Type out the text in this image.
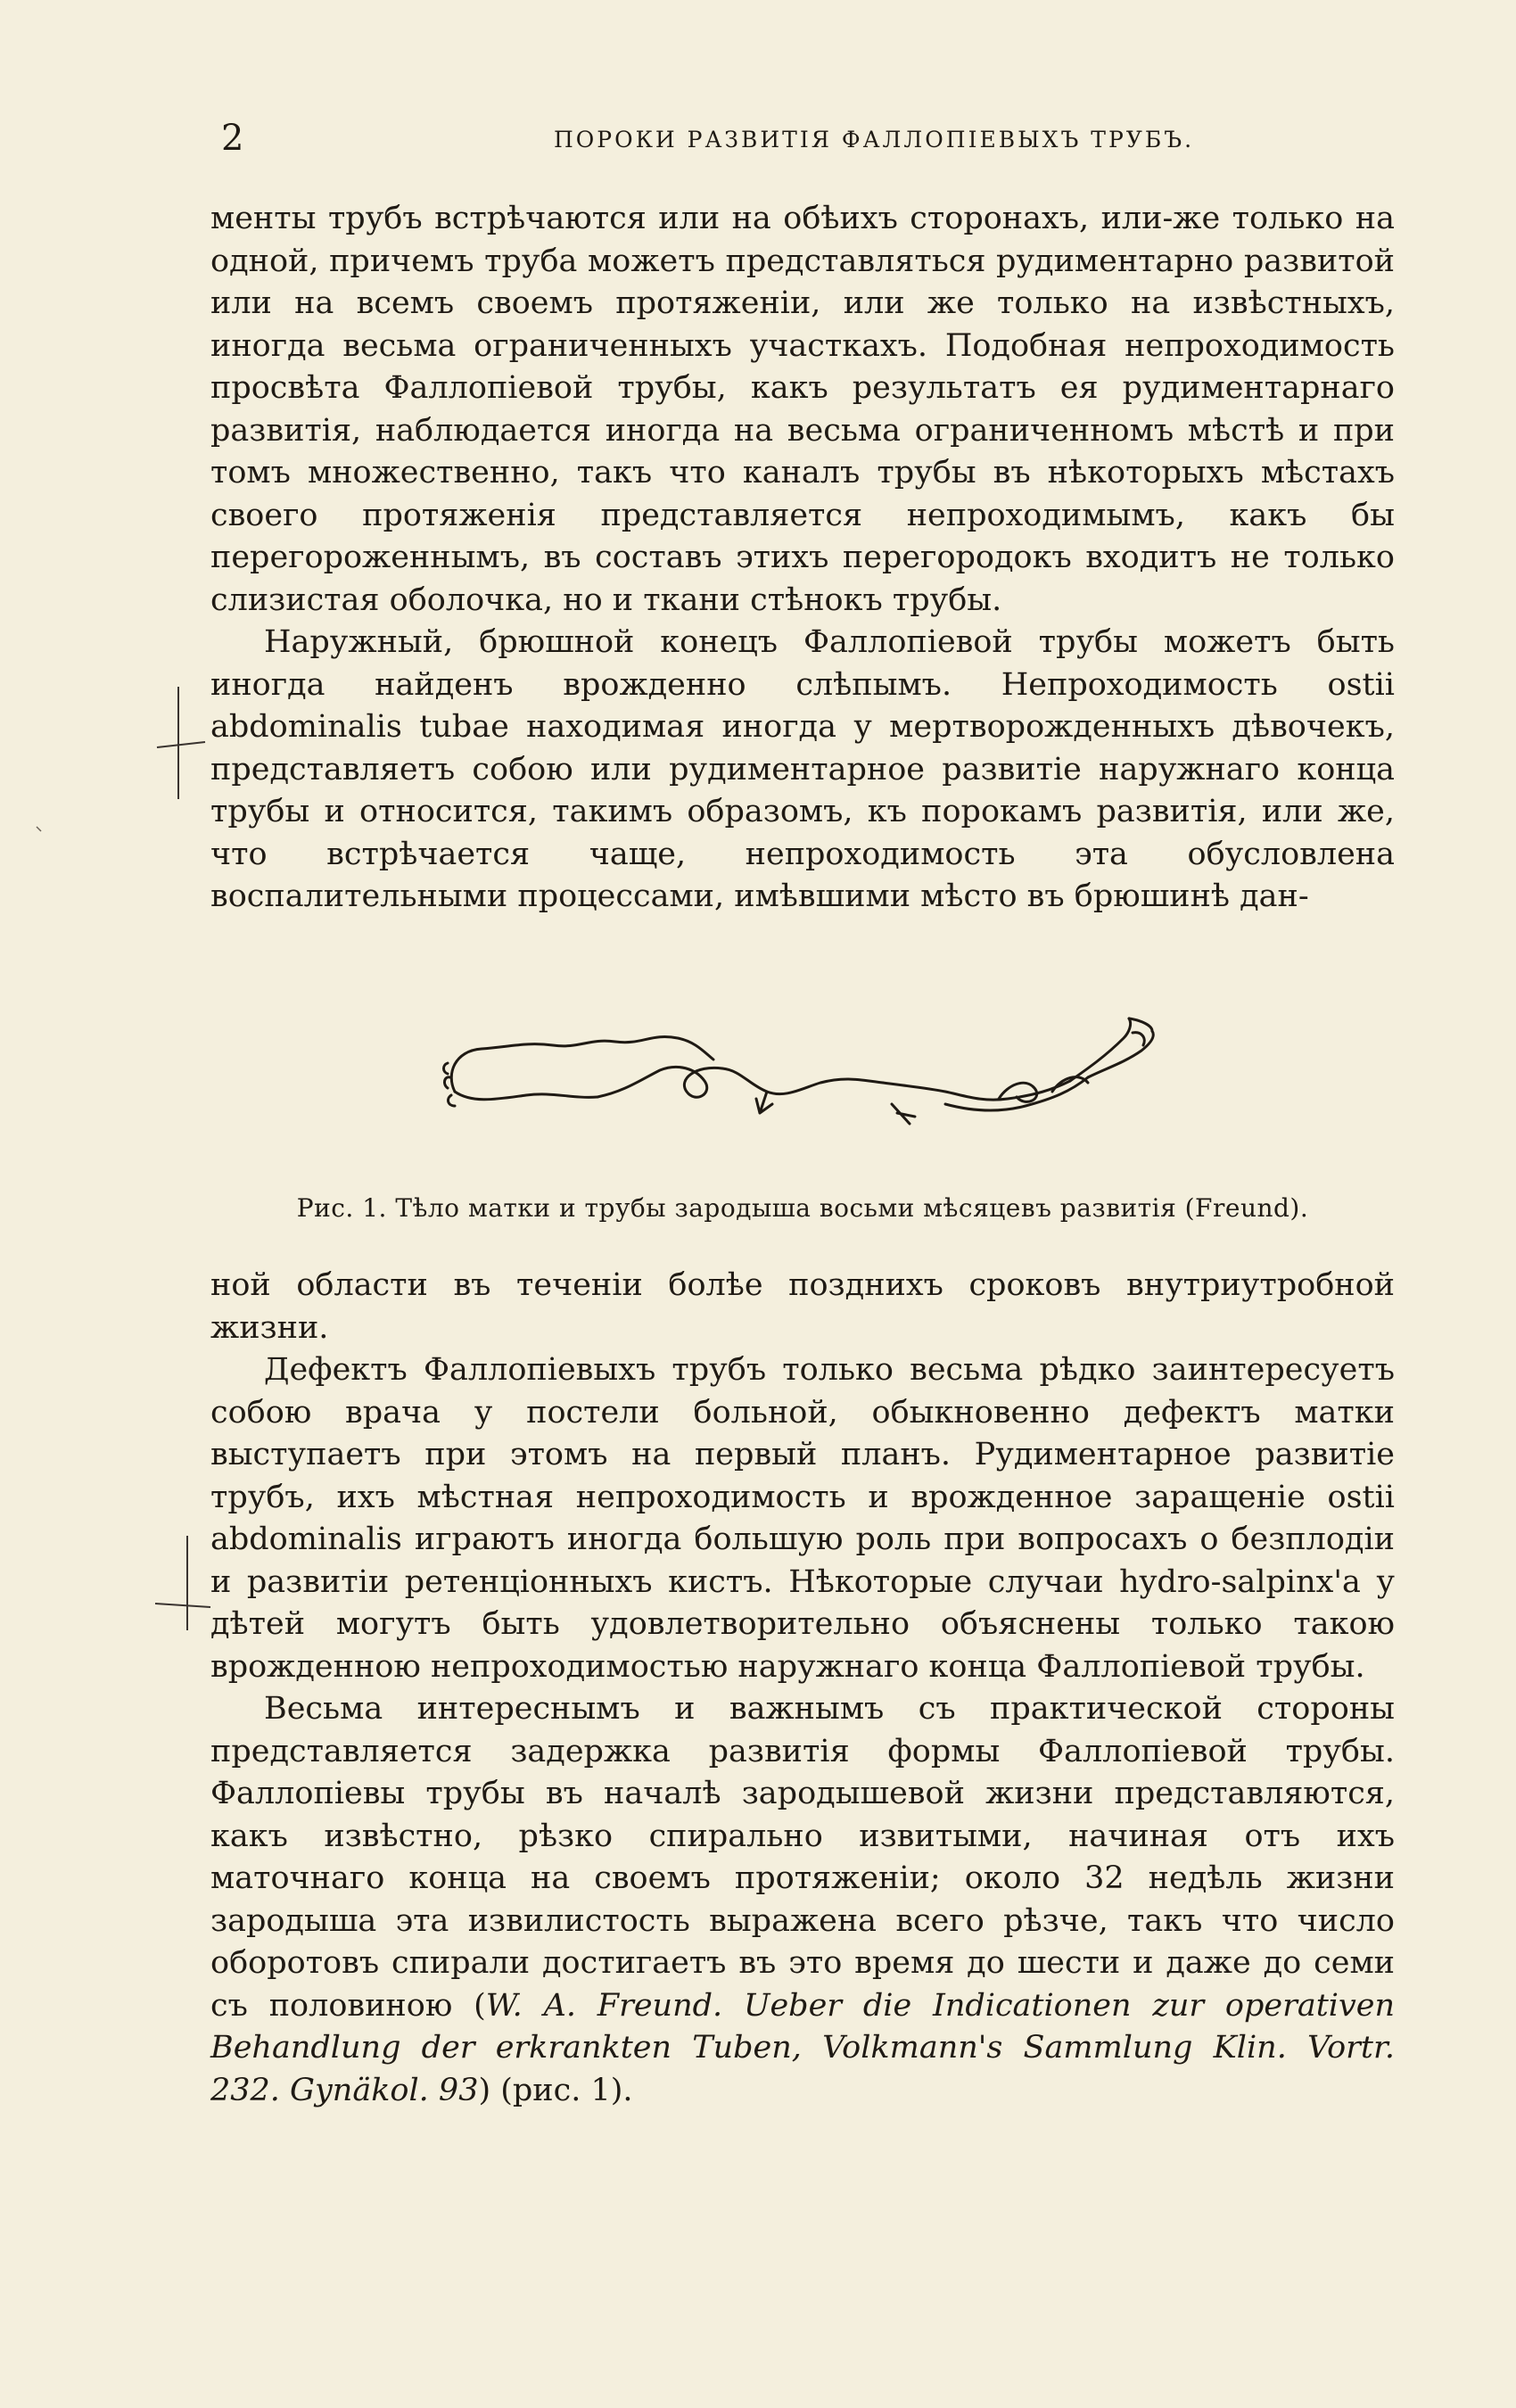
2	ПОРОКИ РАЗВИТІЯ ФАЛЛОПІЕВЫХЪ ТРУБЪ.

менты трубъ встрѣчаются или на обѣихъ сторонахъ, или-же только на одной, причемъ труба можетъ представляться рудиментарно развитой или на всемъ своемъ протяженіи, или же только на извѣстныхъ, иногда весьма ограниченныхъ участкахъ. Подобная непроходимость просвѣта Фаллопіевой трубы, какъ результатъ ея рудиментарнаго развитія, наблюдается иногда на весьма ограниченномъ мѣстѣ и при томъ множественно, такъ что каналъ трубы въ нѣкоторыхъ мѣстахъ своего протяженія представляется непроходимымъ, какъ бы перегороженнымъ, въ составъ этихъ перегородокъ входитъ не только слизистая оболочка, но и ткани стѣнокъ трубы.

Наружный, брюшной конецъ Фаллопіевой трубы можетъ быть иногда найденъ врожденно слѣпымъ. Непроходимость ostii abdominalis tubae находимая иногда у мертворожденныхъ дѣвочекъ, представляетъ собою или рудиментарное развитіе наружнаго конца трубы и относится, такимъ образомъ, къ порокамъ развитія, или же, что встрѣчается чаще, непроходимость эта обусловлена воспалительными процессами, имѣвшими мѣсто въ брюшинѣ дан-

Рис. 1. Тѣло матки и трубы зародыша восьми мѣсяцевъ развитія (Freund).

ной области въ теченіи болѣе позднихъ сроковъ внутриутробной жизни.

Дефектъ Фаллопіевыхъ трубъ только весьма рѣдко заинтересуетъ собою врача у постели больной, обыкновенно дефектъ матки выступаетъ при этомъ на первый планъ. Рудиментарное развитіе трубъ, ихъ мѣстная непроходимость и врожденное заращеніе ostii abdominalis играютъ иногда большую роль при вопросахъ о безплодіи и развитіи ретенціонныхъ кистъ. Нѣкоторые случаи hydro-salpinx'а у дѣтей могутъ быть удовлетворительно объяснены только такою врожденною непроходимостью наружнаго конца Фаллопіевой трубы.

Весьма интереснымъ и важнымъ съ практической стороны представляется задержка развитія формы Фаллопіевой трубы. Фаллопіевы трубы въ началѣ зародышевой жизни представляются, какъ извѣстно, рѣзко спирально извитыми, начиная отъ ихъ маточнаго конца на своемъ протяженіи; около 32 недѣль жизни зародыша эта извилистость выражена всего рѣзче, такъ что число оборотовъ спирали достигаетъ въ это время до шести и даже до семи съ половиною (W. A. Freund. Ueber die Indicationen zur operativen Behandlung der erkrankten Tuben, Volkmann's Sammlung Klin. Vortr. 232. Gynäkol. 93) (рис. 1).
